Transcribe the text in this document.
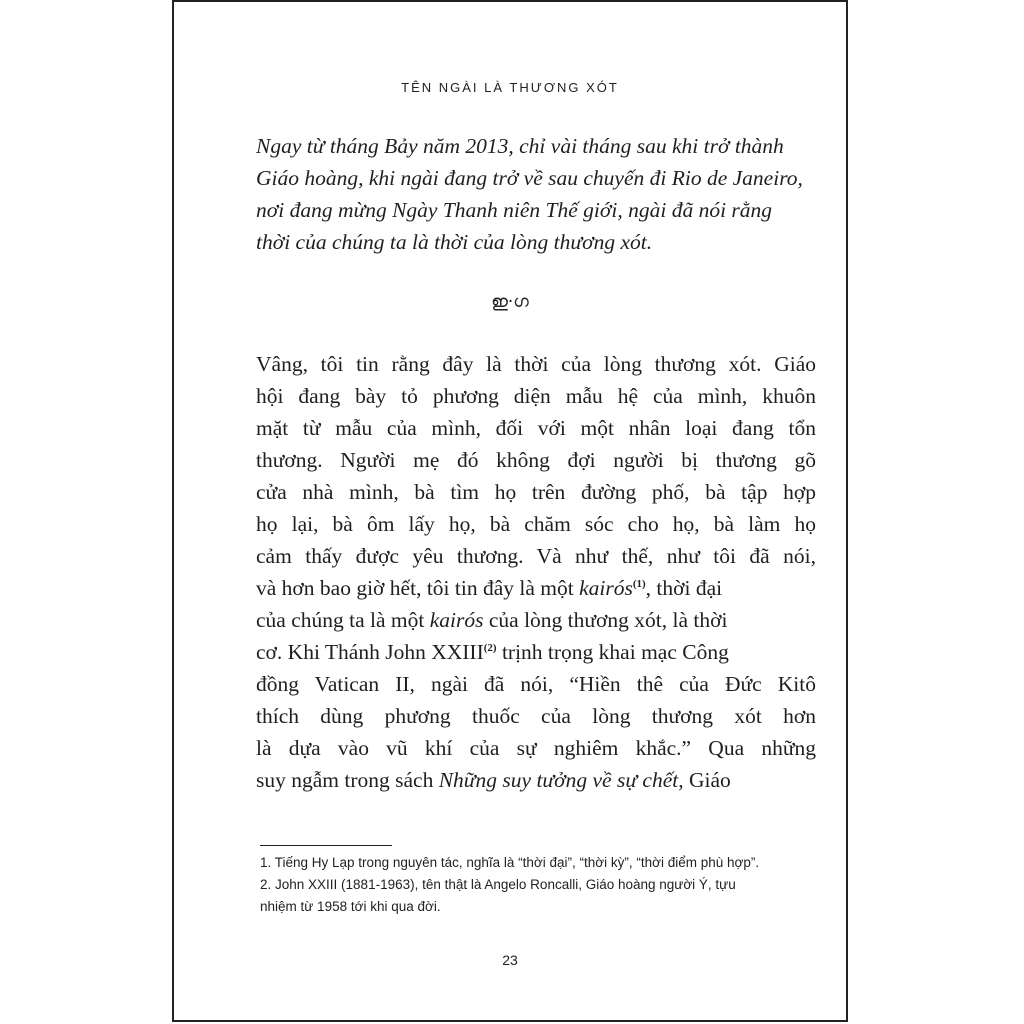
TÊN NGÀI LÀ THƯƠNG XÓT
Ngay từ tháng Bảy năm 2013, chỉ vài tháng sau khi trở thành
Giáo hoàng, khi ngài đang trở về sau chuyến đi Rio de Janeiro,
nơi đang mừng Ngày Thanh niên Thế giới, ngài đã nói rằng
thời của chúng ta là thời của lòng thương xót.
ഇ·ഗ
Vâng, tôi tin rằng đây là thời của lòng thương xót. Giáo
hội đang bày tỏ phương diện mẫu hệ của mình, khuôn
mặt từ mẫu của mình, đối với một nhân loại đang tổn
thương. Người mẹ đó không đợi người bị thương gõ
cửa nhà mình, bà tìm họ trên đường phố, bà tập hợp
họ lại, bà ôm lấy họ, bà chăm sóc cho họ, bà làm họ
cảm thấy được yêu thương. Và như thế, như tôi đã nói,
và hơn bao giờ hết, tôi tin đây là một kairós$^{(1)}$, thời đại
của chúng ta là một kairós của lòng thương xót, là thời
cơ. Khi Thánh John XXIII$^{(2)}$ trịnh trọng khai mạc Công
đồng Vatican II, ngài đã nói, “Hiền thê của Đức Kitô
thích dùng phương thuốc của lòng thương xót hơn
là dựa vào vũ khí của sự nghiêm khắc.” Qua những
suy ngẫm trong sách Những suy tưởng về sự chết, Giáo
1. Tiếng Hy Lạp trong nguyên tác, nghĩa là “thời đại”, “thời kỳ”, “thời điểm phù hợp”.
2. John XXIII (1881-1963), tên thật là Angelo Roncalli, Giáo hoàng người Ý, tựu
nhiệm từ 1958 tới khi qua đời.
23
